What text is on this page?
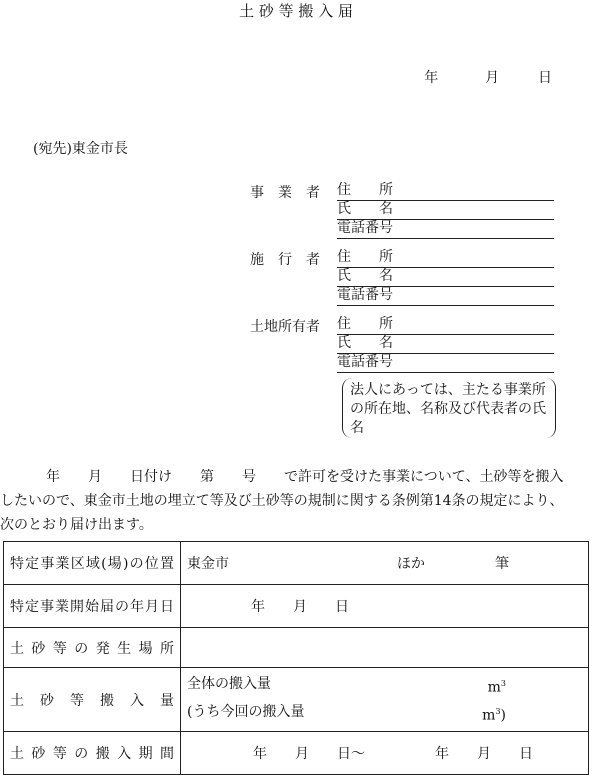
土 砂 等 搬 入 届
年	月	日
(宛先)東金市長
事　業　者 住　　所
氏　　名
電話番号
施　行　者 住　　所
氏　　名
電話番号
土地所有者 住　　所
氏　　名
電話番号
法人にあっては、主たる事業所の所在地、名称及び代表者の氏名
年　　月　　日付け　　第　　号　　で許可を受けた事業について、土砂等を搬入
したいので、東金市土地の埋立て等及び土砂等の規制に関する条例第14条の規定により、
次のとおり届け出ます。
特定事業区域(場)の位置	東金市　　　　　　　　　　　　ほか　　　　　筆
特定事業開始届の年月日	年　　月　　日
土砂等の発生場所	
土　砂　等　搬　入　量	全体の搬入量 $m^3$
(うち今回の搬入量 $m^3$)

土砂等の搬入期間	年　　月　　日〜　　　　　年　　月　　日
